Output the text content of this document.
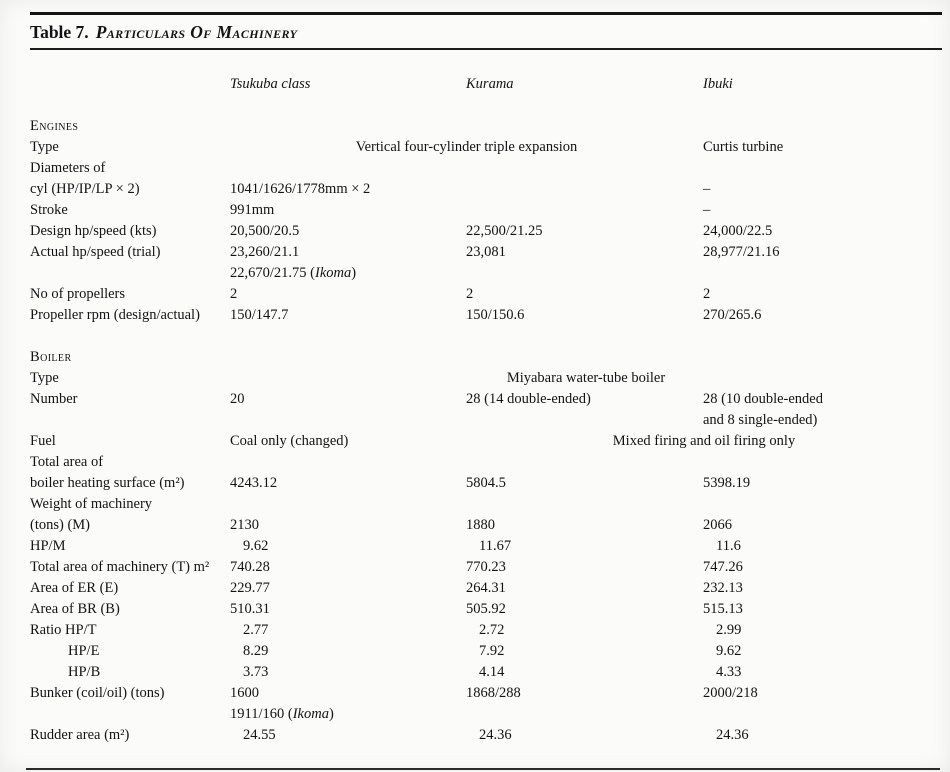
Table 7. Particulars Of Machinery
Tsukuba class	Kurama	Ibuki
Engines
Type	Vertical four-cylinder triple expansion	Curtis turbine
Diameters of
cyl (HP/IP/LP × 2)	1041/1626/1778mm × 2	–
Stroke	991mm	–
Design hp/speed (kts)	20,500/20.5	22,500/21.25	24,000/22.5
Actual hp/speed (trial)	23,260/21.1	23,081	28,977/21.16
22,670/21.75 (Ikoma)
No of propellers	2	2	2
Propeller rpm (design/actual)	150/147.7	150/150.6	270/265.6
Boiler
Type	Miyabara water-tube boiler
Number	20	28 (14 double-ended)	28 (10 double-ended
and 8 single-ended)
Fuel	Coal only (changed)	Mixed firing and oil firing only
Total area of
boiler heating surface (m²)	4243.12	5804.5	5398.19
Weight of machinery
(tons) (M)	2130	1880	2066
HP/M	9.62	11.67	11.6
Total area of machinery (T) m²	740.28	770.23	747.26
Area of ER (E)	229.77	264.31	232.13
Area of BR (B)	510.31	505.92	515.13
Ratio HP/T	2.77	2.72	2.99
HP/E	8.29	7.92	9.62
HP/B	3.73	4.14	4.33
Bunker (coil/oil) (tons)	1600	1868/288	2000/218
1911/160 (Ikoma)
Rudder area (m²)	24.55	24.36	24.36
